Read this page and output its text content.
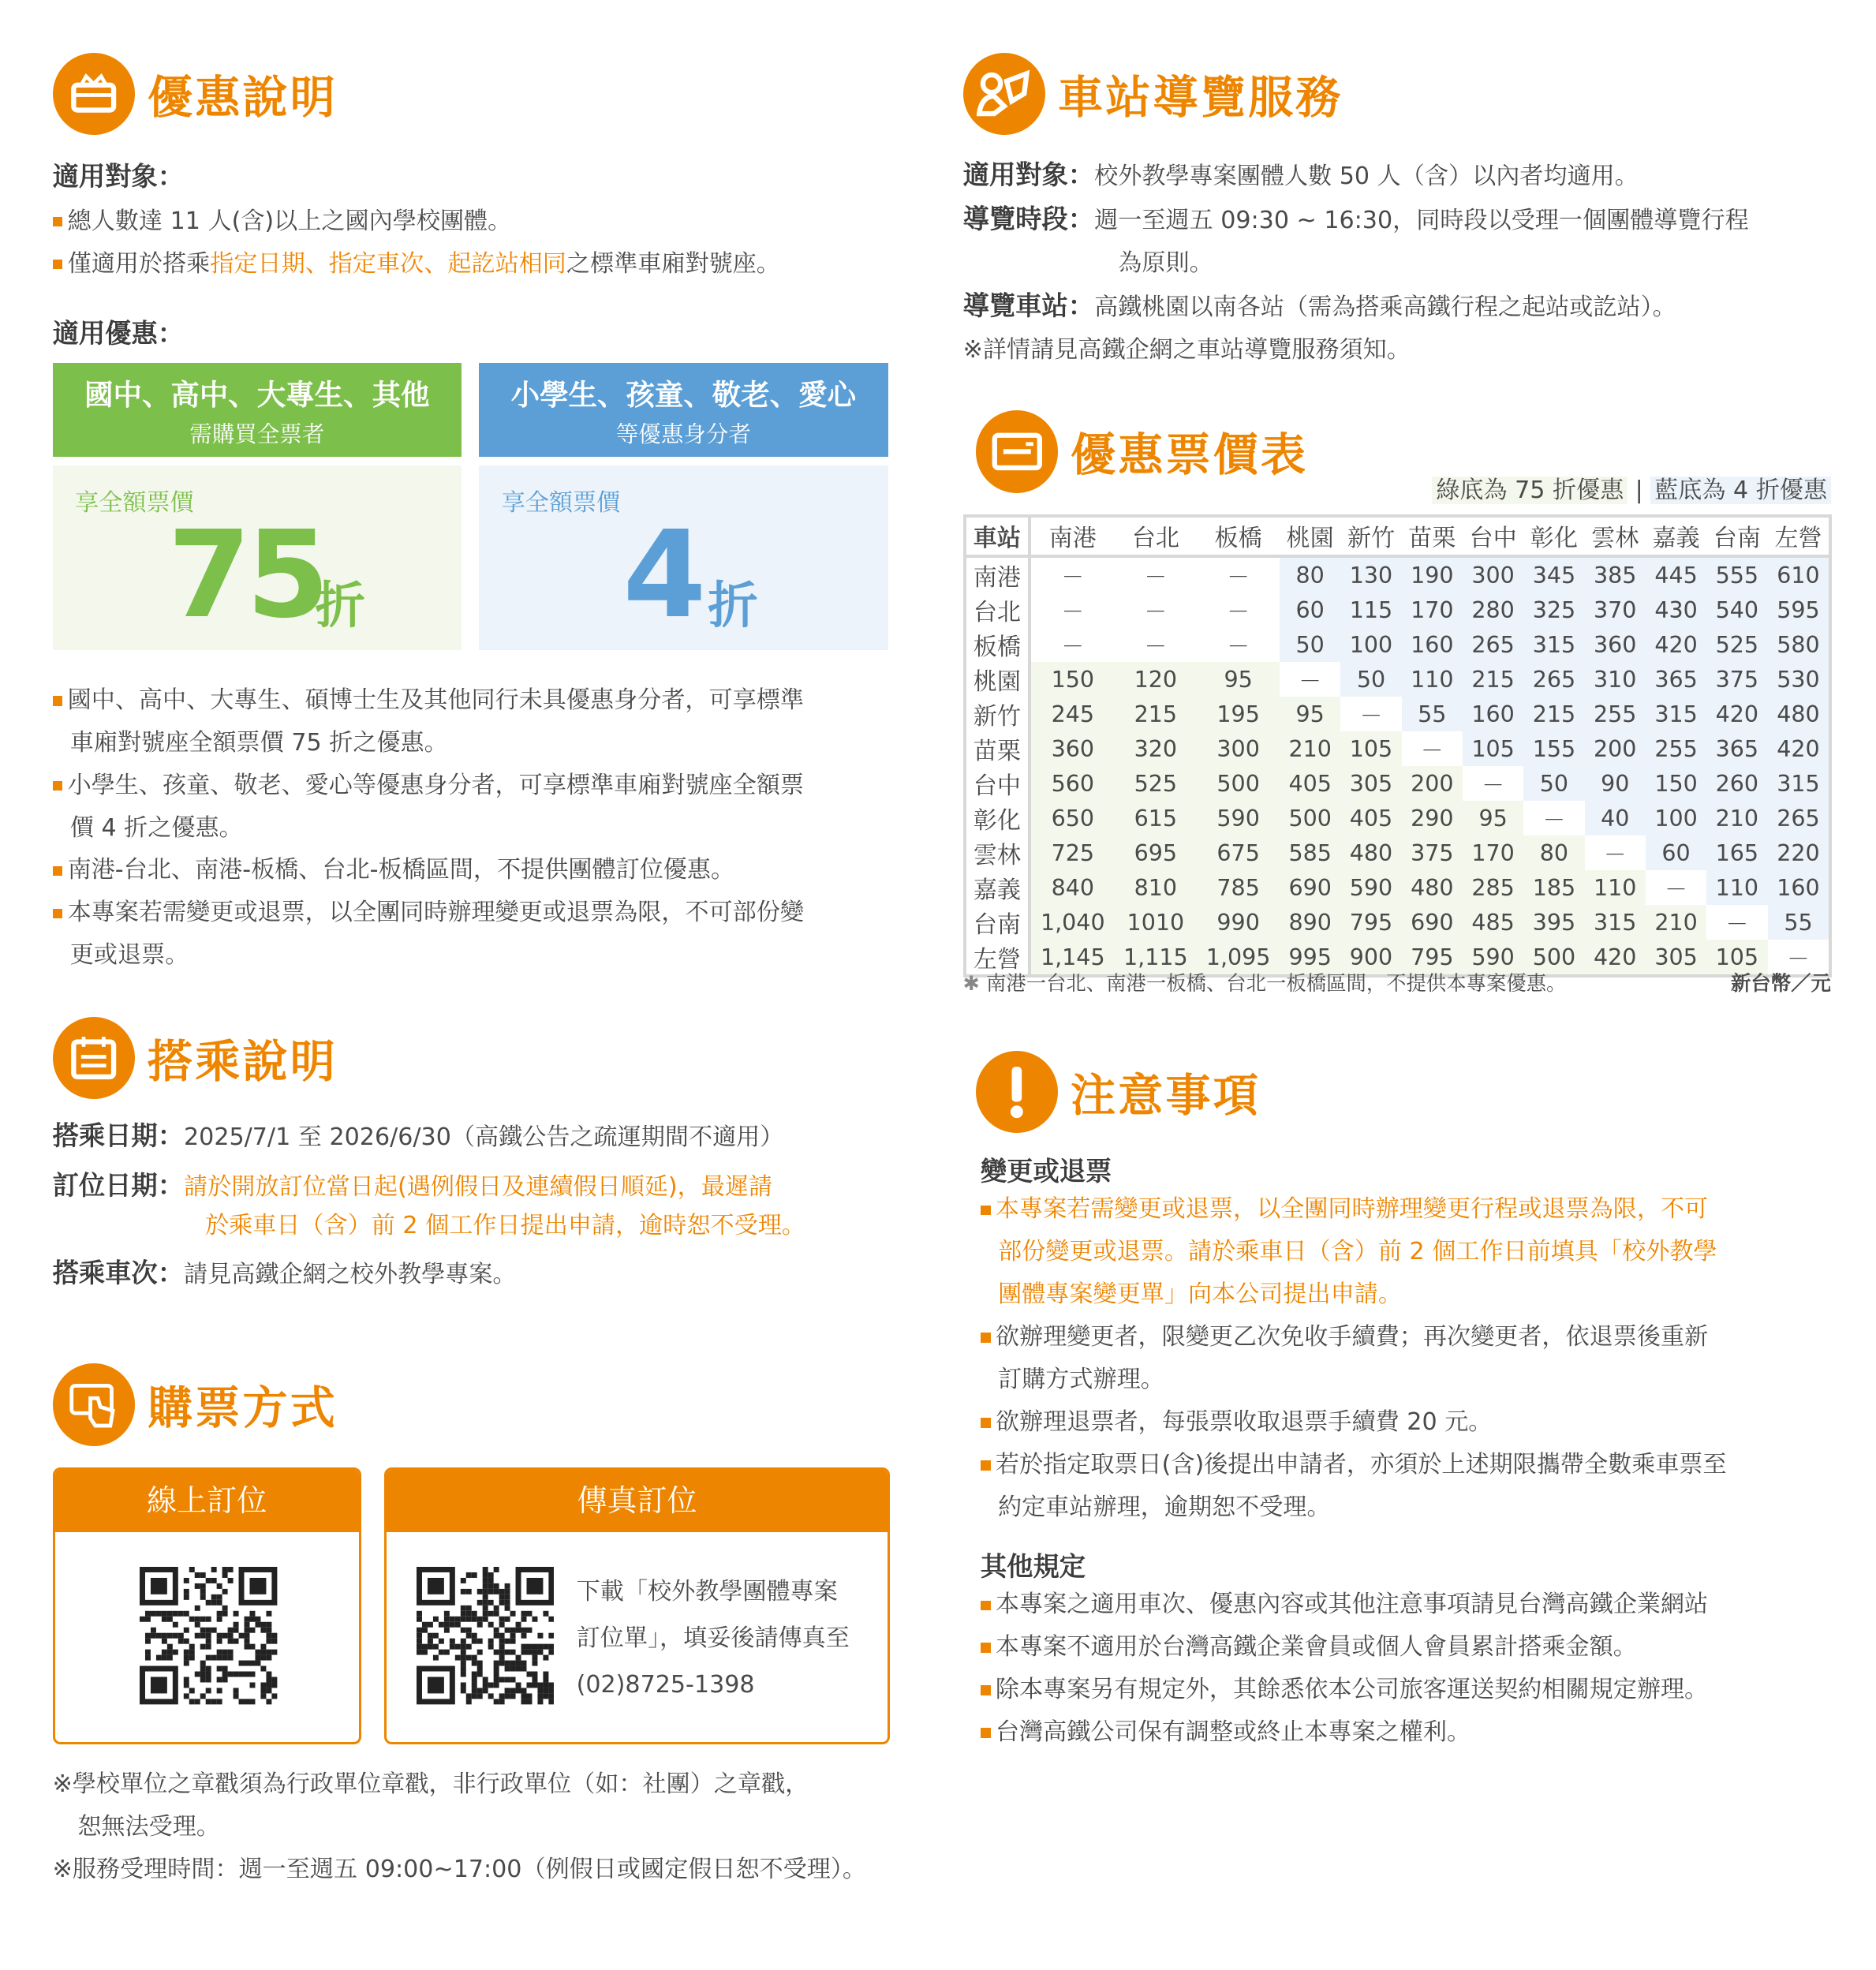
優惠說明
適用對象：
總人數達 11 人(含)以上之國內學校團體。
僅適用於搭乘指定日期、指定車次、起訖站相同之標準車廂對號座。
適用優惠：
國中、高中、大專生、其他
需購買全票者
享全額票價
75
折
小學生、孩童、敬老、愛心
等優惠身分者
享全額票價
4 折
國中、高中、大專生、碩博士生及其他同行未具優惠身分者，可享標準
車廂對號座全額票價 75 折之優惠。
小學生、孩童、敬老、愛心等優惠身分者，可享標準車廂對號座全額票
價 4 折之優惠。
南港-台北、南港-板橋、台北-板橋區間，不提供團體訂位優惠。
本專案若需變更或退票，以全團同時辦理變更或退票為限，不可部份變
更或退票。
搭乘說明
搭乘日期：2025/7/1 至 2026/6/30（高鐵公告之疏運期間不適用）
訂位日期：請於開放訂位當日起(遇例假日及連續假日順延)，最遲請
於乘車日（含）前 2 個工作日提出申請，逾時恕不受理。
搭乘車次：請見高鐵企網之校外教學專案。
購票方式
線上訂位	傳真訂位
下載「校外教學團體專案
訂位單」，填妥後請傳真至
(02)8725-1398
※學校單位之章戳須為行政單位章戳，非行政單位（如：社團）之章戳，
恕無法受理。
※服務受理時間：週一至週五 09:00~17:00（例假日或國定假日恕不受理）。
車站導覽服務
適用對象：校外教學專案團體人數 50 人（含）以內者均適用。
導覽時段：週一至週五 09:30 ~ 16:30，同時段以受理一個團體導覽行程
為原則。
導覽車站：高鐵桃園以南各站（需為搭乘高鐵行程之起站或訖站）。
※詳情請見高鐵企網之車站導覽服務須知。
優惠票價表
綠底為 75 折優惠 | 藍底為 4 折優惠
車站	南港	台北	板橋	桃園	新竹	苗栗	台中	彰化	雲林	嘉義	台南	左營
南港	－	－	－	80	130	190	300	345	385	445	555	610
台北	－	－	－	60	115	170	280	325	370	430	540	595
板橋	－	－	－	50	100	160	265	315	360	420	525	580
桃園	150	120	95	－	50	110	215	265	310	365	375	530
新竹	245	215	195	95	－	55	160	215	255	315	420	480
苗栗	360	320	300	210	105	－	105	155	200	255	365	420
台中	560	525	500	405	305	200	－	50	90	150	260	315
彰化	650	615	590	500	405	290	95	－	40	100	210	265
雲林	725	695	675	585	480	375	170	80	－	60	165	220
嘉義	840	810	785	690	590	480	285	185	110	－	110	160
台南	1,040	1010	990	890	795	690	485	395	315	210	－	55
左營	1,145	1,115	1,095	995	900	795	590	500	420	305	105	－
✱ 南港一台北、南港一板橋、台北一板橋區間，不提供本專案優惠。	新台幣／元
注意事項
變更或退票
本專案若需變更或退票，以全團同時辦理變更行程或退票為限，不可
部份變更或退票。請於乘車日（含）前 2 個工作日前填具「校外教學
團體專案變更單」向本公司提出申請。
欲辦理變更者，限變更乙次免收手續費；再次變更者，依退票後重新
訂購方式辦理。
欲辦理退票者，每張票收取退票手續費 20 元。
若於指定取票日(含)後提出申請者，亦須於上述期限攜帶全數乘車票至
約定車站辦理，逾期恕不受理。
其他規定
本專案之適用車次、優惠內容或其他注意事項請見台灣高鐵企業網站
本專案不適用於台灣高鐵企業會員或個人會員累計搭乘金額。
除本專案另有規定外，其餘悉依本公司旅客運送契約相關規定辦理。
台灣高鐵公司保有調整或終止本專案之權利。
